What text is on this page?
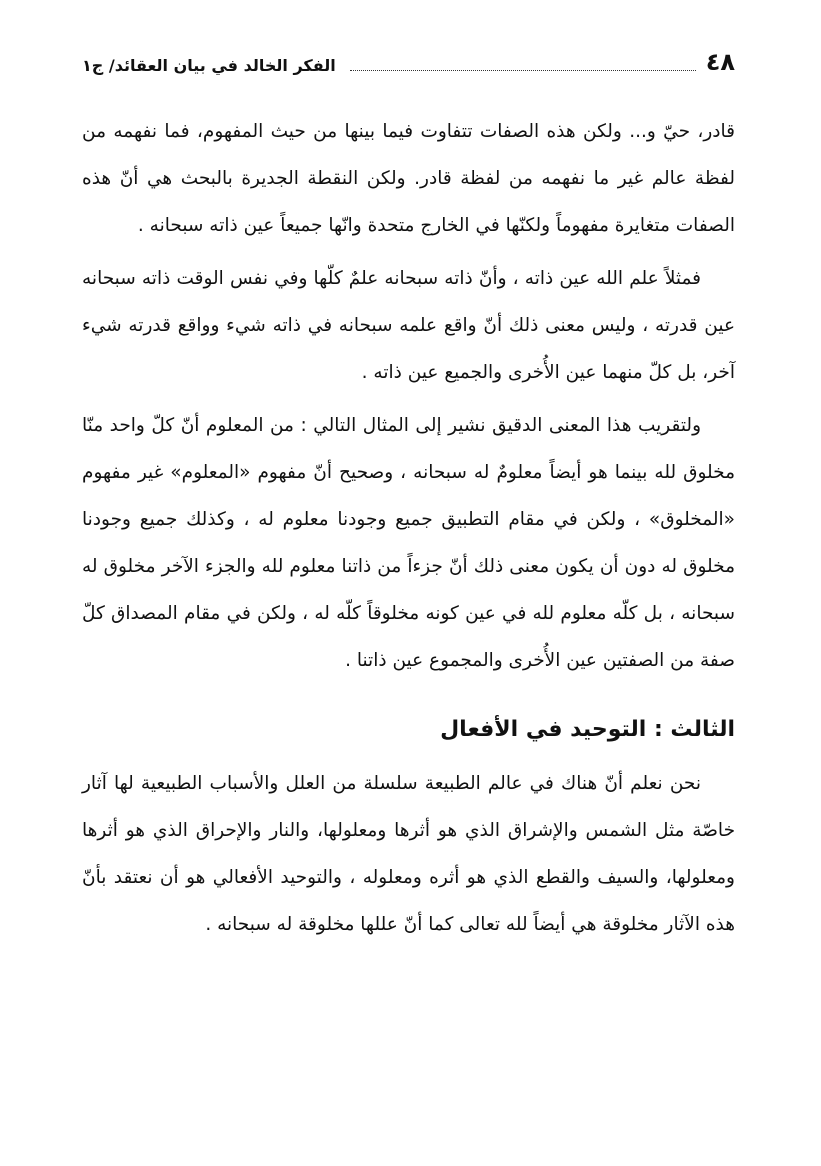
٤٨
الفكر الخالد في بيان العقائد/ ج١

قادر، حيّ و... ولكن هذه الصفات تتفاوت فيما بينها من حيث المفهوم، فما نفهمه من لفظة عالم غير ما نفهمه من لفظة قادر. ولكن النقطة الجديرة بالبحث هي أنّ هذه الصفات متغايرة مفهوماً ولكنّها في الخارج متحدة وانّها جميعاً عين ذاته سبحانه .

فمثلاً علم الله عين ذاته ، وأنّ ذاته سبحانه علمٌ كلّها وفي نفس الوقت ذاته سبحانه عين قدرته ، وليس معنى ذلك أنّ واقع علمه سبحانه في ذاته شيء وواقع قدرته شيء آخر، بل كلّ منهما عين الأُخرى والجميع عين ذاته .

ولتقريب هذا المعنى الدقيق نشير إلى المثال التالي : من المعلوم أنّ كلّ واحد منّا مخلوق لله بينما هو أيضاً معلومٌ له سبحانه ، وصحيح أنّ مفهوم «المعلوم» غير مفهوم «المخلوق» ، ولكن في مقام التطبيق جميع وجودنا معلوم له ، وكذلك جميع وجودنا مخلوق له دون أن يكون معنى ذلك أنّ جزءاً من ذاتنا معلوم لله والجزء الآخر مخلوق له سبحانه ، بل كلّه معلوم لله في عين كونه مخلوقاً كلّه له ، ولكن في مقام المصداق كلّ صفة من الصفتين عين الأُخرى والمجموع عين ذاتنا .

الثالث : التوحيد في الأفعال

نحن نعلم أنّ هناك في عالم الطبيعة سلسلة من العلل والأسباب الطبيعية لها آثار خاصّة مثل الشمس والإشراق الذي هو أثرها ومعلولها، والنار والإحراق الذي هو أثرها ومعلولها، والسيف والقطع الذي هو أثره ومعلوله ، والتوحيد الأفعالي هو أن نعتقد بأنّ هذه الآثار مخلوقة هي أيضاً لله تعالى كما أنّ عللها مخلوقة له سبحانه .
